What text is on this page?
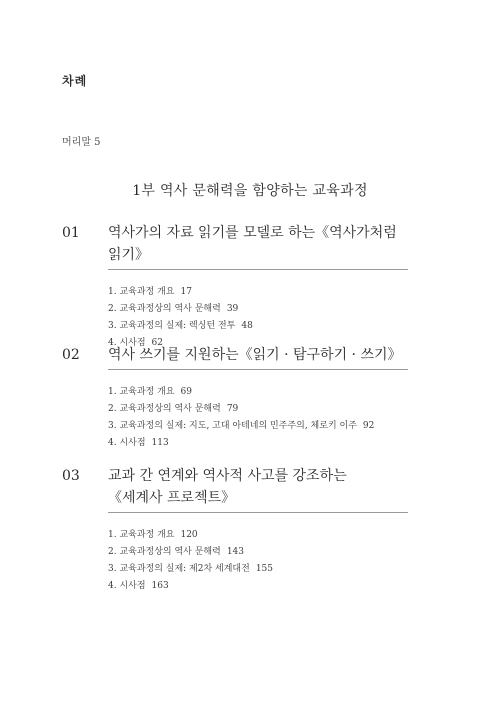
차례
머리말 5
1부 역사 문해력을 함양하는 교육과정
01 역사가의 자료 읽기를 모델로 하는《역사가처럼 읽기》
1. 교육과정 개요 17
2. 교육과정상의 역사 문해력 39
3. 교육과정의 실제: 렉싱턴 전투 48
4. 시사점 62
02 역사 쓰기를 지원하는《읽기 · 탐구하기 · 쓰기》
1. 교육과정 개요 69
2. 교육과정상의 역사 문해력 79
3. 교육과정의 실제: 지도, 고대 아테네의 민주주의, 체로키 이주 92
4. 시사점 113
03 교과 간 연계와 역사적 사고를 강조하는
《세계사 프로젝트》
1. 교육과정 개요 120
2. 교육과정상의 역사 문해력 143
3. 교육과정의 실제: 제2차 세계대전 155
4. 시사점 163
